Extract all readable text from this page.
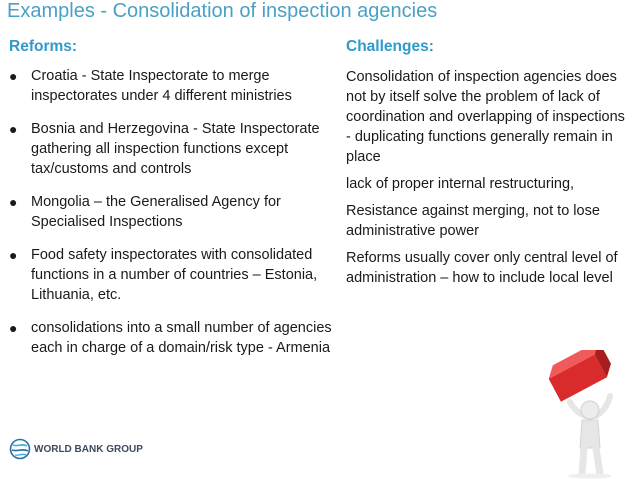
Examples - Consolidation of inspection agencies
Reforms:	Challenges:
● Croatia - State Inspectorate to merge inspectorates under 4 different ministries
● Bosnia and Herzegovina - State Inspectorate gathering all inspection functions except tax/customs and controls
● Mongolia – the Generalised Agency for Specialised Inspections
● Food safety inspectorates with consolidated functions in a number of countries – Estonia, Lithuania, etc.
● consolidations into a small number of agencies each in charge of a domain/risk type - Armenia

Consolidation of inspection agencies does not by itself solve the problem of lack of coordination and overlapping of inspections - duplicating functions generally remain in place

lack of proper internal restructuring,

Resistance against merging, not to lose administrative power

Reforms usually cover only central level of administration – how to include local level

WORLD BANK GROUP
